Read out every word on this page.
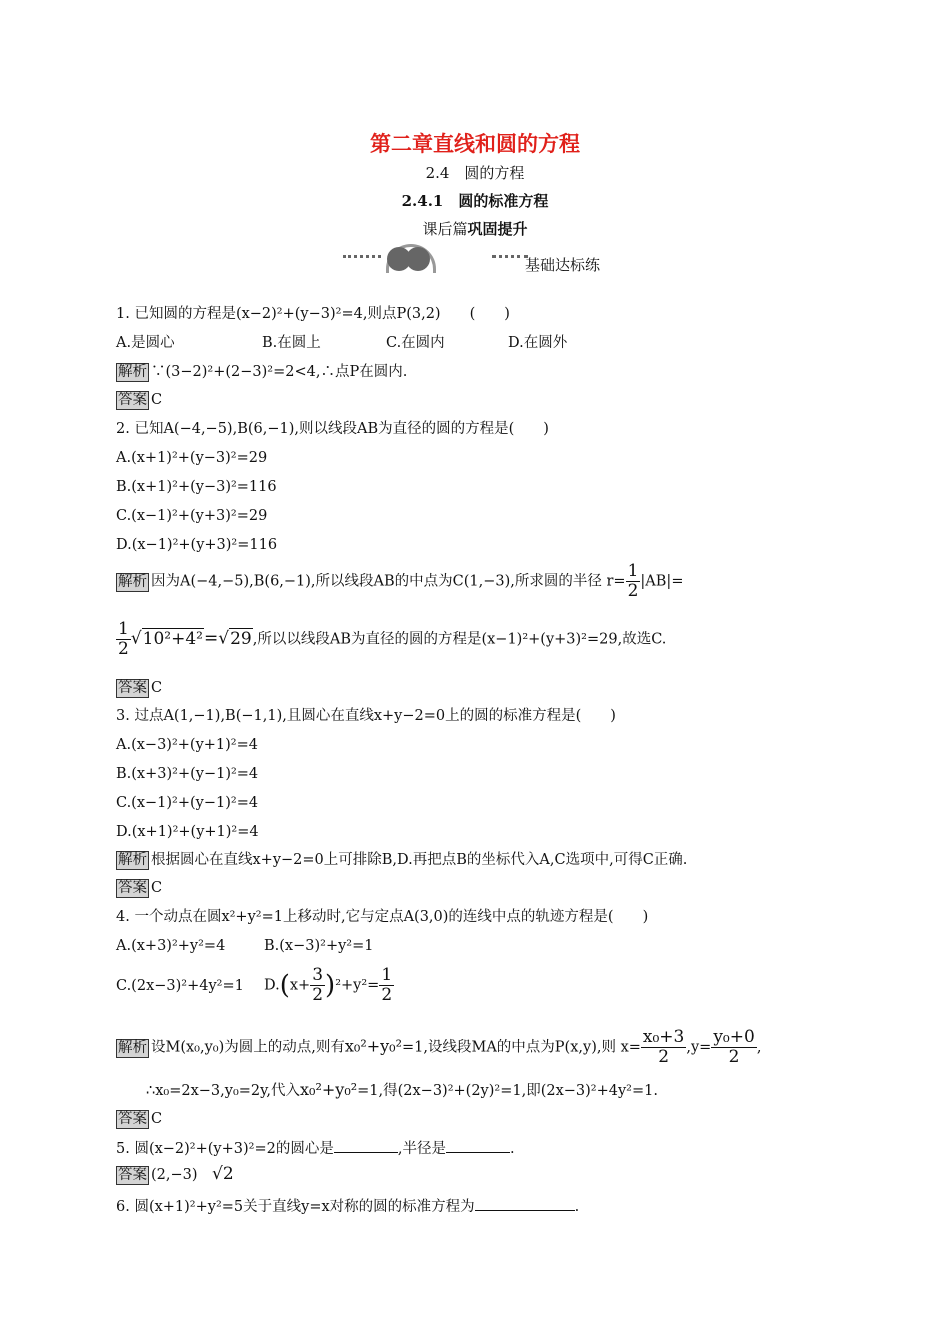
第二章直线和圆的方程
2.4　圆的方程
2.4.1　圆的标准方程
课后篇巩固提升
基础达标练
1. 已知圆的方程是(x−2)²+(y−3)²=4,则点P(3,2)　　(　　)
A.是圆心	B.在圆上	C.在圆内	D.在圆外
解析 ∵(3−2)²+(2−3)²=2<4,∴点P在圆内.
答案 C
2. 已知A(−4,−5),B(6,−1),则以线段AB为直径的圆的方程是(　　)
A.(x+1)²+(y−3)²=29
B.(x+1)²+(y−3)²=116
C.(x−1)²+(y+3)²=29
D.(x−1)²+(y+3)²=116
解析 因为A(−4,−5),B(6,−1),所以线段AB的中点为C(1,−3),所求圆的半径 $r= \frac{1}{2} |AB|=$
$\frac{1}{2} √10^2+4^2=√29$,所以以线段AB为直径的圆的方程是(x−1)²+(y+3)²=29,故选C.
答案 C
3. 过点A(1,−1),B(−1,1),且圆心在直线x+y−2=0上的圆的标准方程是(　　)
A.(x−3)²+(y+1)²=4
B.(x+3)²+(y−1)²=4
C.(x−1)²+(y−1)²=4
D.(x+1)²+(y+1)²=4
解析 根据圆心在直线x+y−2=0上可排除B,D.再把点B的坐标代入A,C选项中,可得C正确.
答案 C
4. 一个动点在圆x²+y²=1上移动时,它与定点A(3,0)的连线中点的轨迹方程是(　　)
A.(x+3)²+y²=4	B.(x−3)²+y²=1
C.(2x−3)²+4y²=1 $D.(x+ \frac{3}{2} )^2+y^2= \frac{1}{2}$
解析 设M(x₀,y₀)为圆上的动点,则有x₀²+y₀²=1,设线段MA的中点为P(x,y),则 $x= \frac{\text{x₀+3}}{2} ,y= \frac{\text{y₀+0}}{2}$ ,
∴x₀=2x−3,y₀=2y,代入x₀²+y₀²=1,得(2x−3)²+(2y)²=1,即(2x−3)²+4y²=1.
答案 C
5. 圆(x−2)²+(y+3)²=2的圆心是	,半径是	.
答案 (2,−3)　 √2
6. 圆(x+1)²+y²=5关于直线y=x对称的圆的标准方程为	.
